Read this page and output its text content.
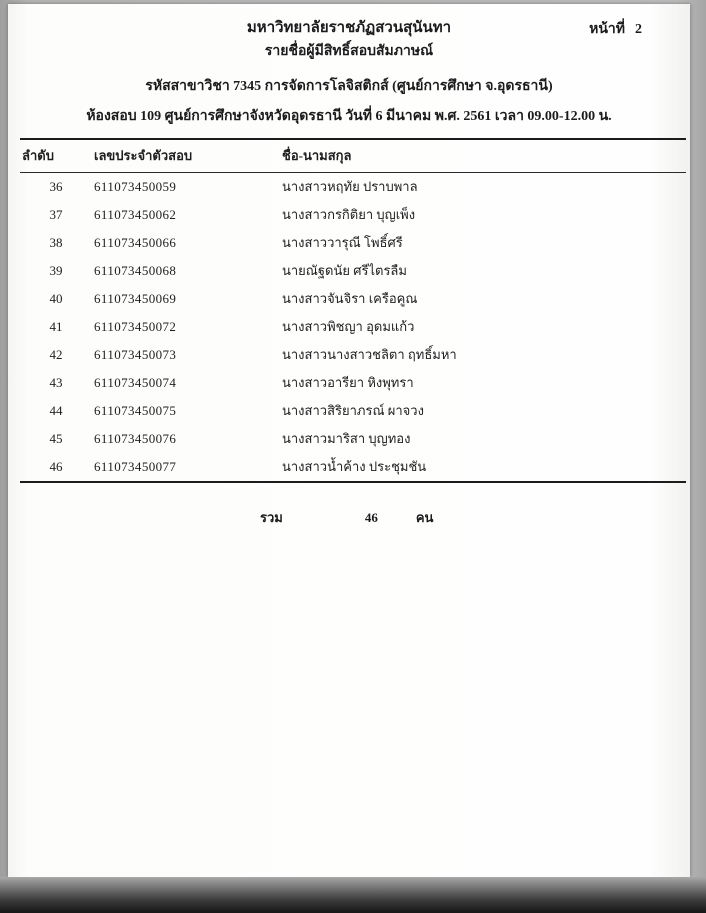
มหาวิทยาลัยราชภัฏสวนสุนันทา
รายชื่อผู้มีสิทธิ์สอบสัมภาษณ์
รหัสสาขาวิชา 7345 การจัดการโลจิสติกส์ (ศูนย์การศึกษา จ.อุดรธานี)
ห้องสอบ 109 ศูนย์การศึกษาจังหวัดอุดรธานี วันที่ 6 มีนาคม พ.ศ. 2561 เวลา 09.00-12.00 น.
หน้าที่ 2
ลำดับ	เลขประจำตัวสอบ	ชื่อ-นามสกุล
36	611073450059	นางสาวหฤทัย ปราบพาล
37	611073450062	นางสาวกรกิติยา บุญเพ็ง
38	611073450066	นางสาววารุณี โพธิ์ศรี
39	611073450068	นายณัฐดนัย ศรีไตรลืม
40	611073450069	นางสาวจันจิรา เครือคูณ
41	611073450072	นางสาวพิชญา อุดมแก้ว
42	611073450073	นางสาวนางสาวชลิตา ฤทธิ์มหา
43	611073450074	นางสาวอารียา หิงพุทรา
44	611073450075	นางสาวสิริยาภรณ์ ผาจวง
45	611073450076	นางสาวมาริสา บุญทอง
46	611073450077	นางสาวน้ำค้าง ประชุมชัน
รวม	46	คน
